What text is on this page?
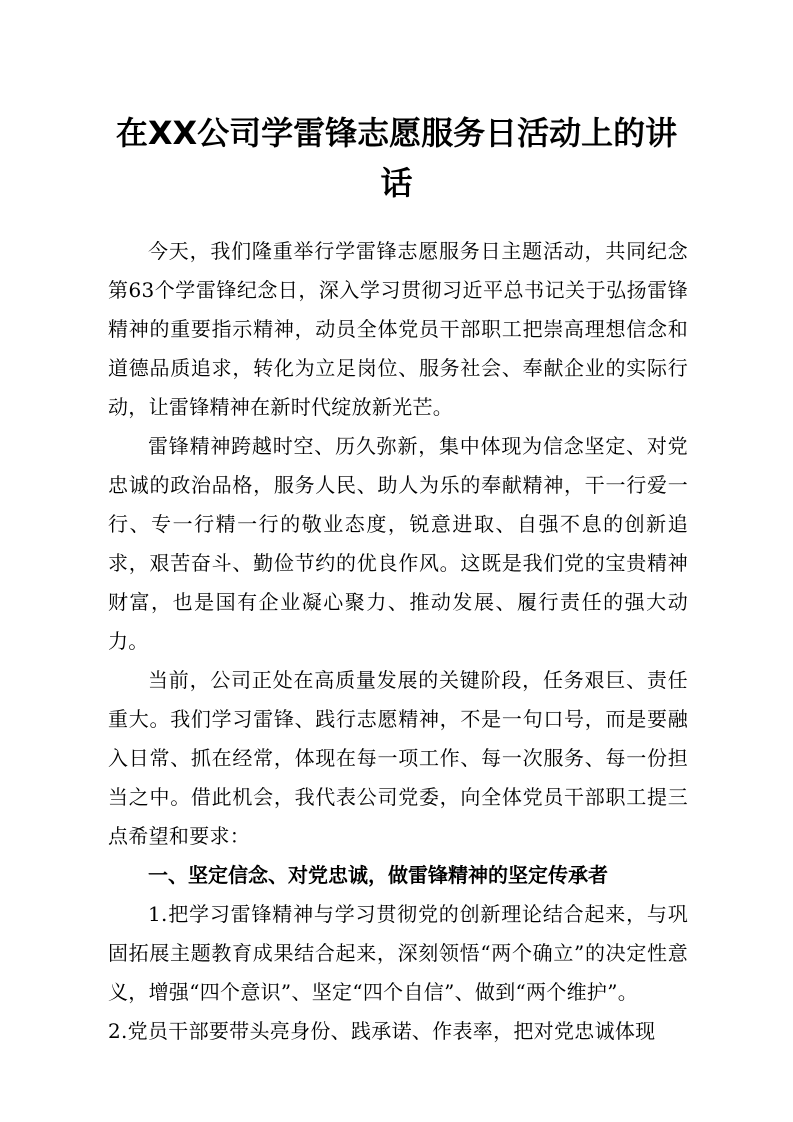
在XX公司学雷锋志愿服务日活动上的讲话

今天，我们隆重举行学雷锋志愿服务日主题活动，共同纪念第63个学雷锋纪念日，深入学习贯彻习近平总书记关于弘扬雷锋精神的重要指示精神，动员全体党员干部职工把崇高理想信念和道德品质追求，转化为立足岗位、服务社会、奉献企业的实际行动，让雷锋精神在新时代绽放新光芒。

雷锋精神跨越时空、历久弥新，集中体现为信念坚定、对党忠诚的政治品格，服务人民、助人为乐的奉献精神，干一行爱一行、专一行精一行的敬业态度，锐意进取、自强不息的创新追求，艰苦奋斗、勤俭节约的优良作风。这既是我们党的宝贵精神财富，也是国有企业凝心聚力、推动发展、履行责任的强大动力。

当前，公司正处在高质量发展的关键阶段，任务艰巨、责任重大。我们学习雷锋、践行志愿精神，不是一句口号，而是要融入日常、抓在经常，体现在每一项工作、每一次服务、每一份担当之中。借此机会，我代表公司党委，向全体党员干部职工提三点希望和要求：

一、坚定信念、对党忠诚，做雷锋精神的坚定传承者

1.把学习雷锋精神与学习贯彻党的创新理论结合起来，与巩固拓展主题教育成果结合起来，深刻领悟“两个确立”的决定性意义，增强“四个意识”、坚定“四个自信”、做到“两个维护”。

2.党员干部要带头亮身份、践承诺、作表率，把对党忠诚体现
